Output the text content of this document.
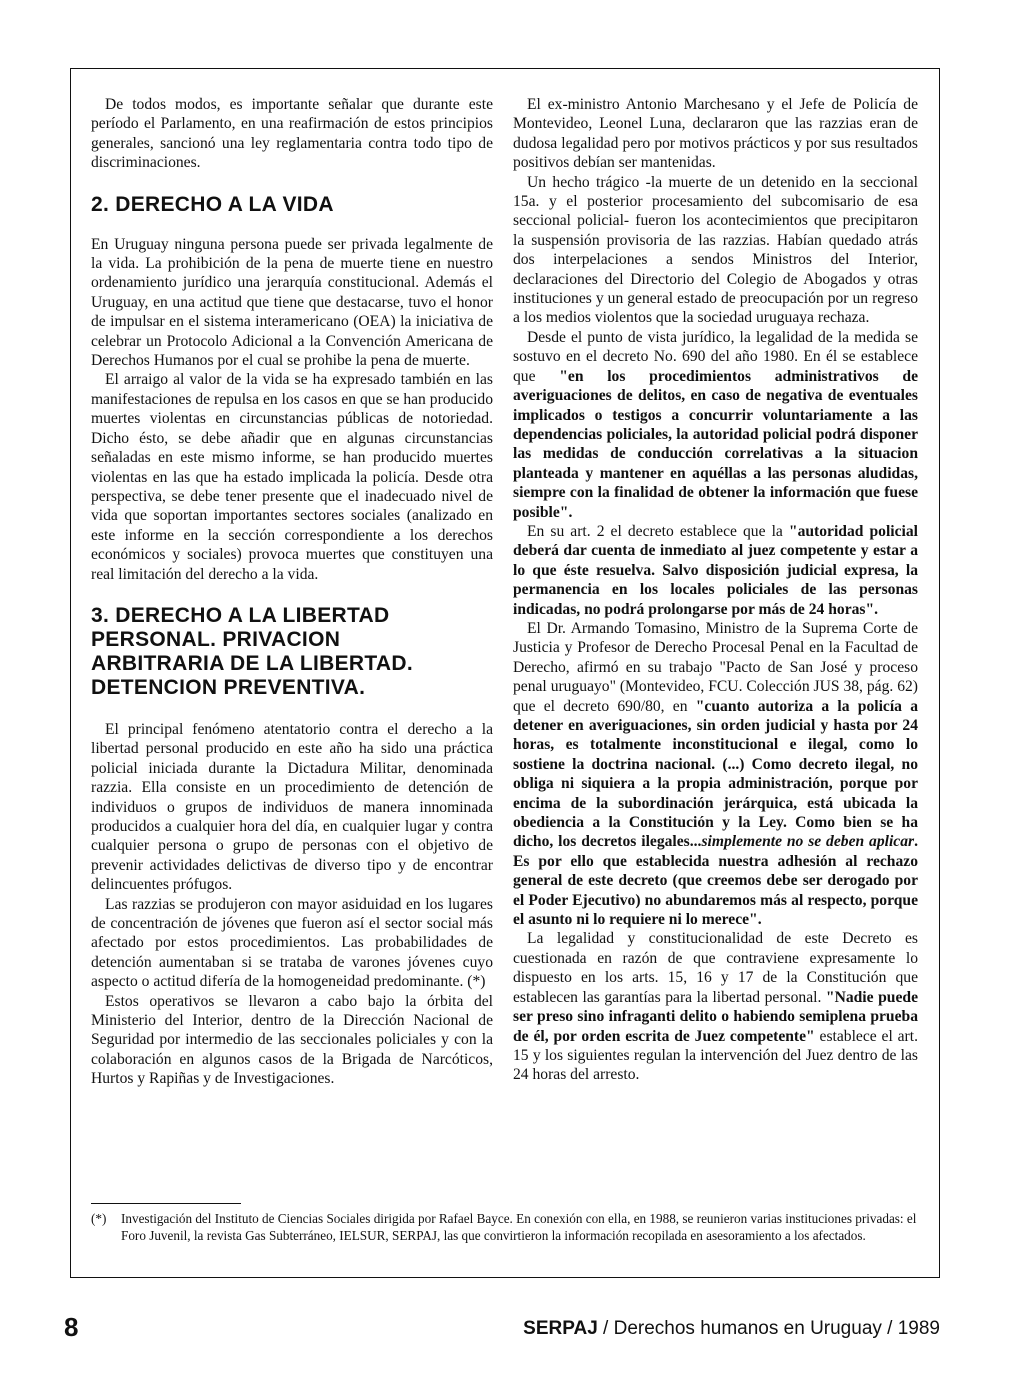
De todos modos, es importante señalar que durante este período el Parlamento, en una reafirmación de estos principios generales, sancionó una ley reglamentaria contra todo tipo de discriminaciones.

2. DERECHO A LA VIDA

En Uruguay ninguna persona puede ser privada legalmente de la vida. La prohibición de la pena de muerte tiene en nuestro ordenamiento jurídico una jerarquía constitucional. Además el Uruguay, en una actitud que tiene que destacarse, tuvo el honor de impulsar en el sistema interamericano (OEA) la iniciativa de celebrar un Protocolo Adicional a la Convención Americana de Derechos Humanos por el cual se prohibe la pena de muerte.

El arraigo al valor de la vida se ha expresado también en las manifestaciones de repulsa en los casos en que se han producido muertes violentas en circunstancias públicas de notoriedad. Dicho ésto, se debe añadir que en algunas circunstancias señaladas en este mismo informe, se han producido muertes violentas en las que ha estado implicada la policía. Desde otra perspectiva, se debe tener presente que el inadecuado nivel de vida que soportan importantes sectores sociales (analizado en este informe en la sección correspondiente a los derechos económicos y sociales) provoca muertes que constituyen una real limitación del derecho a la vida.

3. DERECHO A LA LIBERTAD
PERSONAL. PRIVACION
ARBITRARIA DE LA LIBERTAD.
DETENCION PREVENTIVA.

El principal fenómeno atentatorio contra el derecho a la libertad personal producido en este año ha sido una práctica policial iniciada durante la Dictadura Militar, denominada razzia. Ella consiste en un procedimiento de detención de individuos o grupos de individuos de manera innominada producidos a cualquier hora del día, en cualquier lugar y contra cualquier persona o grupo de personas con el objetivo de prevenir actividades delictivas de diverso tipo y de encontrar delincuentes prófugos.

Las razzias se produjeron con mayor asiduidad en los lugares de concentración de jóvenes que fueron así el sector social más afectado por estos procedimientos. Las probabilidades de detención aumentaban si se trataba de varones jóvenes cuyo aspecto o actitud difería de la homogeneidad predominante. (*)

Estos operativos se llevaron a cabo bajo la órbita del Ministerio del Interior, dentro de la Dirección Nacional de Seguridad por intermedio de las seccionales policiales y con la colaboración en algunos casos de la Brigada de Narcóticos, Hurtos y Rapiñas y de Investigaciones.

El ex-ministro Antonio Marchesano y el Jefe de Policía de Montevideo, Leonel Luna, declararon que las razzias eran de dudosa legalidad pero por motivos prácticos y por sus resultados positivos debían ser mantenidas.

Un hecho trágico -la muerte de un detenido en la seccional 15a. y el posterior procesamiento del subcomisario de esa seccional policial- fueron los acontecimientos que precipitaron la suspensión provisoria de las razzias. Habían quedado atrás dos interpelaciones a sendos Ministros del Interior, declaraciones del Directorio del Colegio de Abogados y otras instituciones y un general estado de preocupación por un regreso a los medios violentos que la sociedad uruguaya rechaza.

Desde el punto de vista jurídico, la legalidad de la medida se sostuvo en el decreto No. 690 del año 1980. En él se establece que "en los procedimientos administrativos de averiguaciones de delitos, en caso de negativa de eventuales implicados o testigos a concurrir voluntariamente a las dependencias policiales, la autoridad policial podrá disponer las medidas de conducción correlativas a la situacion planteada y mantener en aquéllas a las personas aludidas, siempre con la finalidad de obtener la información que fuese posible".

En su art. 2 el decreto establece que la "autoridad policial deberá dar cuenta de inmediato al juez competente y estar a lo que éste resuelva. Salvo disposición judicial expresa, la permanencia en los locales policiales de las personas indicadas, no podrá prolongarse por más de 24 horas".

El Dr. Armando Tomasino, Ministro de la Suprema Corte de Justicia y Profesor de Derecho Procesal Penal en la Facultad de Derecho, afirmó en su trabajo "Pacto de San José y proceso penal uruguayo" (Montevideo, FCU. Colección JUS 38, pág. 62) que el decreto 690/80, en "cuanto autoriza a la policía a detener en averiguaciones, sin orden judicial y hasta por 24 horas, es totalmente inconstitucional e ilegal, como lo sostiene la doctrina nacional. (...) Como decreto ilegal, no obliga ni siquiera a la propia administración, porque por encima de la subordinación jerárquica, está ubicada la obediencia a la Constitución y la Ley. Como bien se ha dicho, los decretos ilegales...simplemente no se deben aplicar. Es por ello que establecida nuestra adhesión al rechazo general de este decreto (que creemos debe ser derogado por el Poder Ejecutivo) no abundaremos más al respecto, porque el asunto ni lo requiere ni lo merece".

La legalidad y constitucionalidad de este Decreto es cuestionada en razón de que contraviene expresamente lo dispuesto en los arts. 15, 16 y 17 de la Constitución que establecen las garantías para la libertad personal. "Nadie puede ser preso sino infraganti delito o habiendo semiplena prueba de él, por orden escrita de Juez competente" establece el art. 15 y los siguientes regulan la intervención del Juez dentro de las 24 horas del arresto.

(*) Investigación del Instituto de Ciencias Sociales dirigida por Rafael Bayce. En conexión con ella, en 1988, se reunieron varias instituciones privadas: el Foro Juvenil, la revista Gas Subterráneo, IELSUR, SERPAJ, las que convirtieron la información recopilada en asesoramiento a los afectados.
8	SERPAJ / Derechos humanos en Uruguay / 1989
